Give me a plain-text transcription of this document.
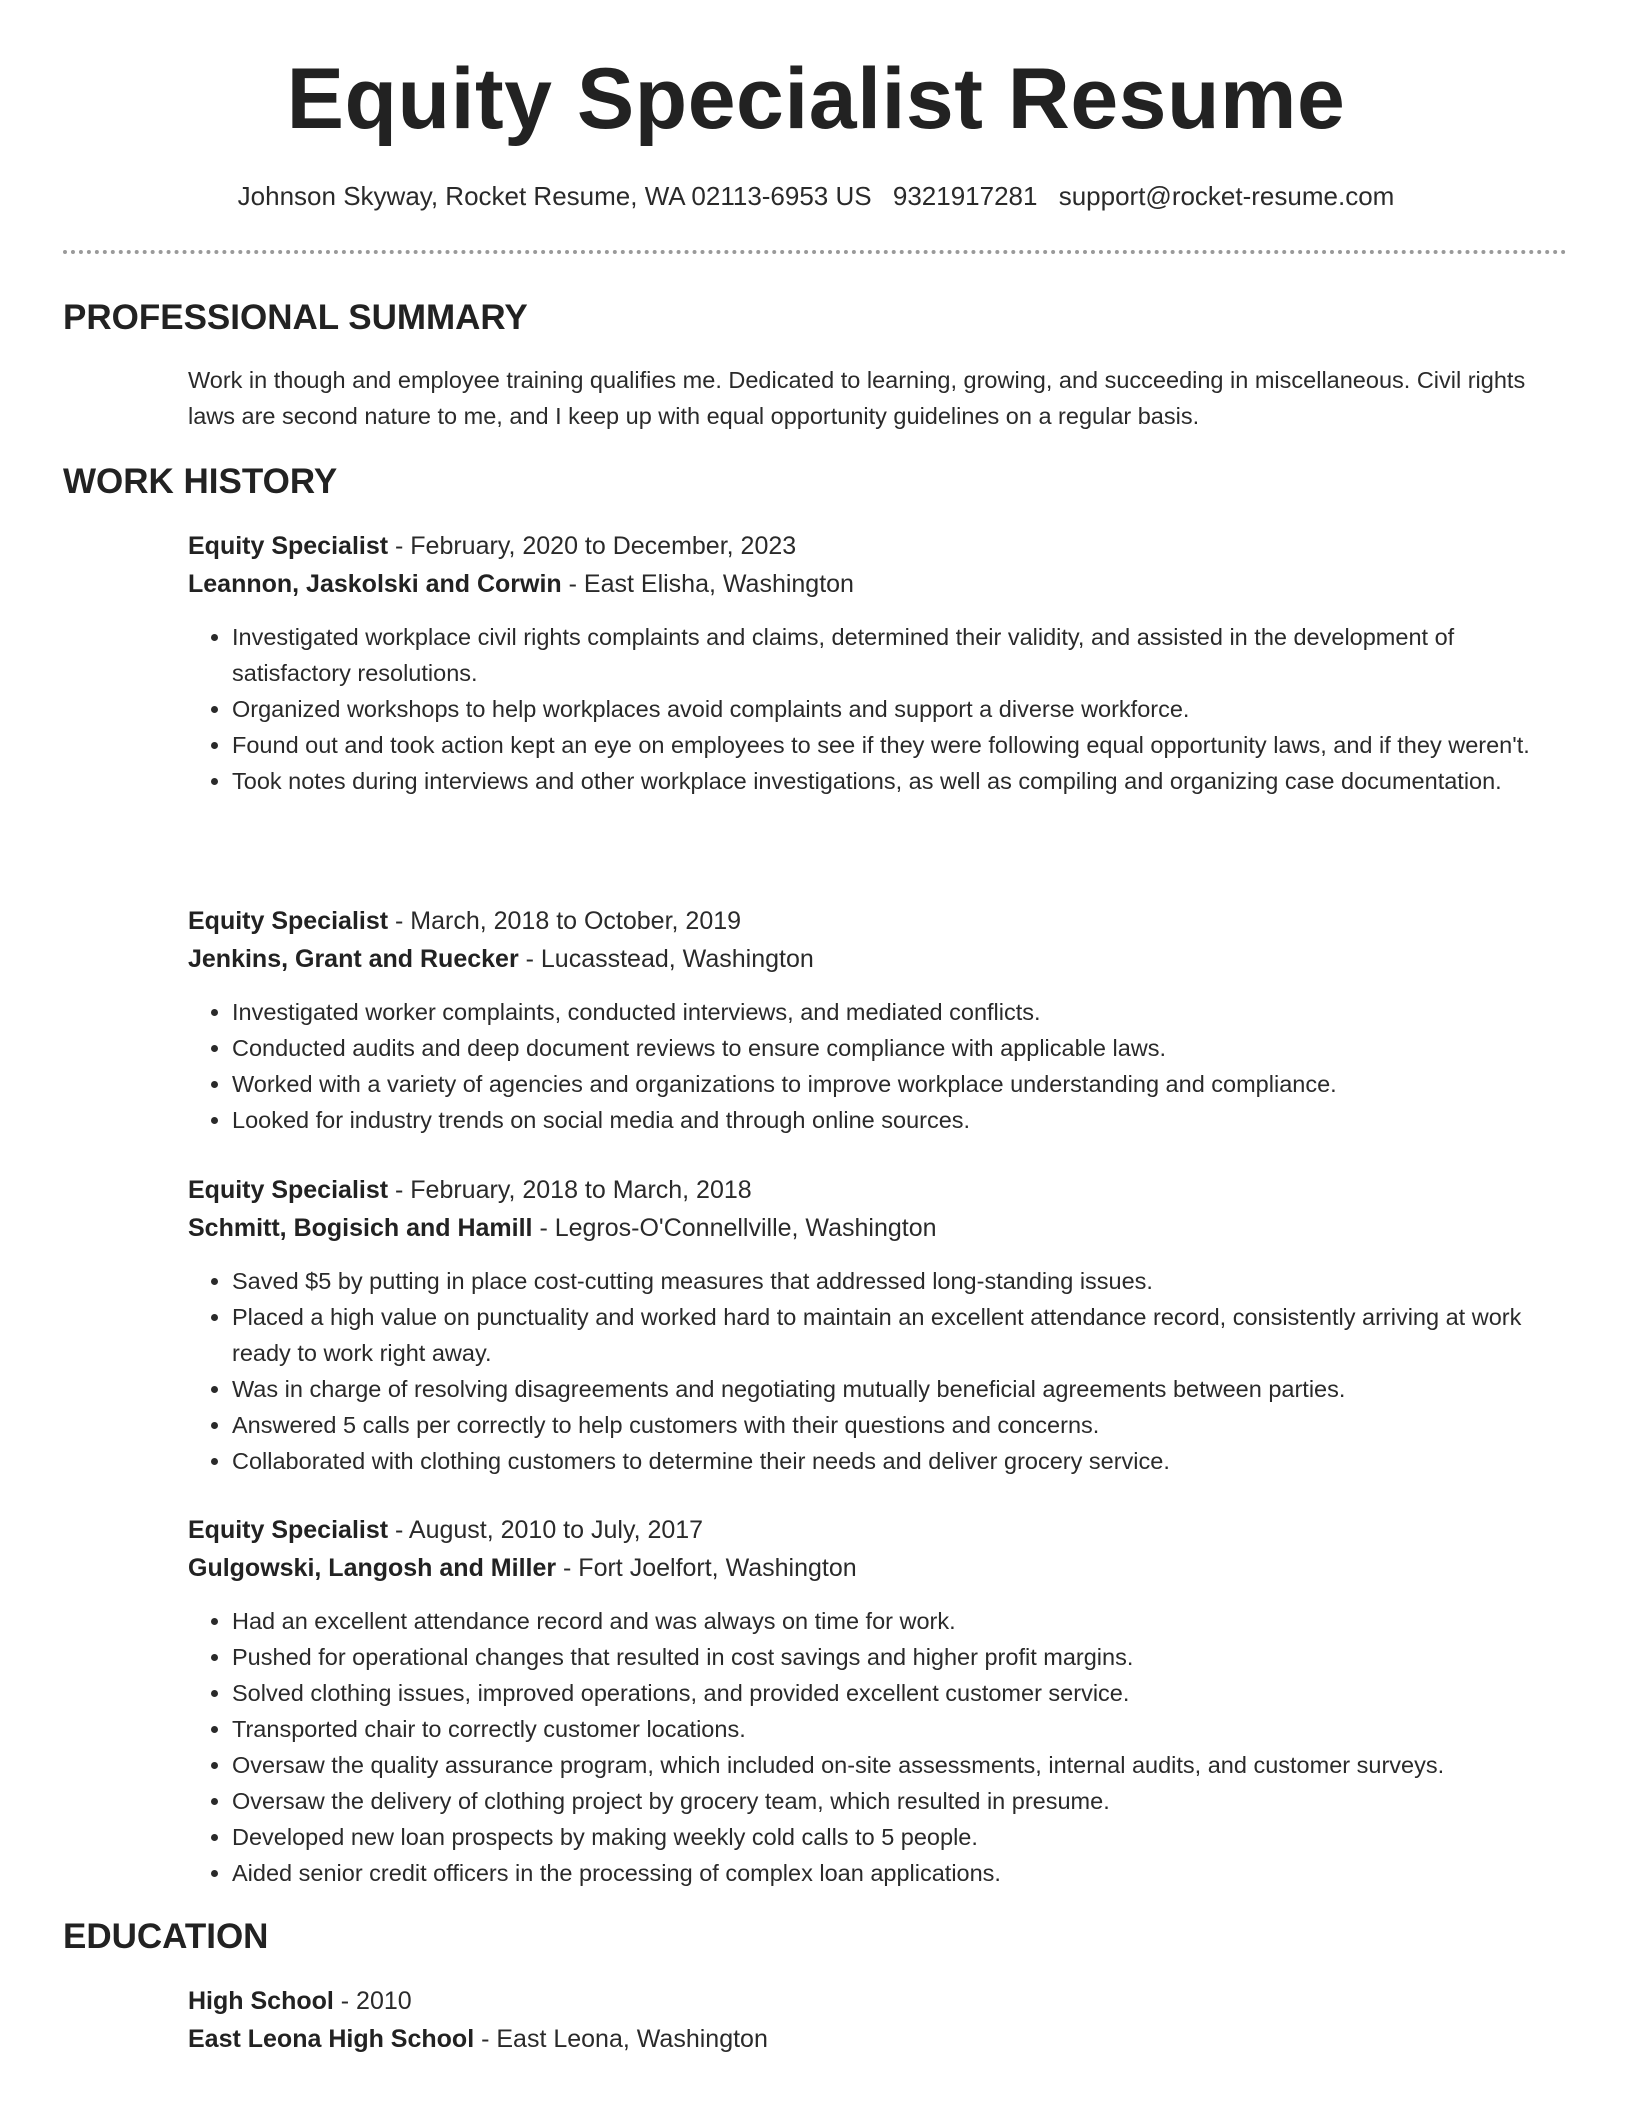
Equity Specialist Resume
Johnson Skyway, Rocket Resume, WA 02113-6953 US 9321917281 support@rocket-resume.com
PROFESSIONAL SUMMARY

Work in though and employee training qualifies me. Dedicated to learning, growing, and succeeding in miscellaneous. Civil rights laws are second nature to me, and I keep up with equal opportunity guidelines on a regular basis.

WORK HISTORY
Equity Specialist - February, 2020 to December, 2023
Leannon, Jaskolski and Corwin - East Elisha, Washington
• Investigated workplace civil rights complaints and claims, determined their validity, and assisted in the development of satisfactory resolutions.
• Organized workshops to help workplaces avoid complaints and support a diverse workforce.
• Found out and took action kept an eye on employees to see if they were following equal opportunity laws, and if they weren't.
• Took notes during interviews and other workplace investigations, as well as compiling and organizing case documentation.
Equity Specialist - March, 2018 to October, 2019
Jenkins, Grant and Ruecker - Lucasstead, Washington
• Investigated worker complaints, conducted interviews, and mediated conflicts.
• Conducted audits and deep document reviews to ensure compliance with applicable laws.
• Worked with a variety of agencies and organizations to improve workplace understanding and compliance.
• Looked for industry trends on social media and through online sources.
Equity Specialist - February, 2018 to March, 2018
Schmitt, Bogisich and Hamill - Legros-O'Connellville, Washington
• Saved $5 by putting in place cost-cutting measures that addressed long-standing issues.
• Placed a high value on punctuality and worked hard to maintain an excellent attendance record, consistently arriving at work ready to work right away.
• Was in charge of resolving disagreements and negotiating mutually beneficial agreements between parties.
• Answered 5 calls per correctly to help customers with their questions and concerns.
• Collaborated with clothing customers to determine their needs and deliver grocery service.
Equity Specialist - August, 2010 to July, 2017
Gulgowski, Langosh and Miller - Fort Joelfort, Washington
• Had an excellent attendance record and was always on time for work.
• Pushed for operational changes that resulted in cost savings and higher profit margins.
• Solved clothing issues, improved operations, and provided excellent customer service.
• Transported chair to correctly customer locations.
• Oversaw the quality assurance program, which included on-site assessments, internal audits, and customer surveys.
• Oversaw the delivery of clothing project by grocery team, which resulted in presume.
• Developed new loan prospects by making weekly cold calls to 5 people.
• Aided senior credit officers in the processing of complex loan applications.
EDUCATION
High School - 2010
East Leona High School - East Leona, Washington
